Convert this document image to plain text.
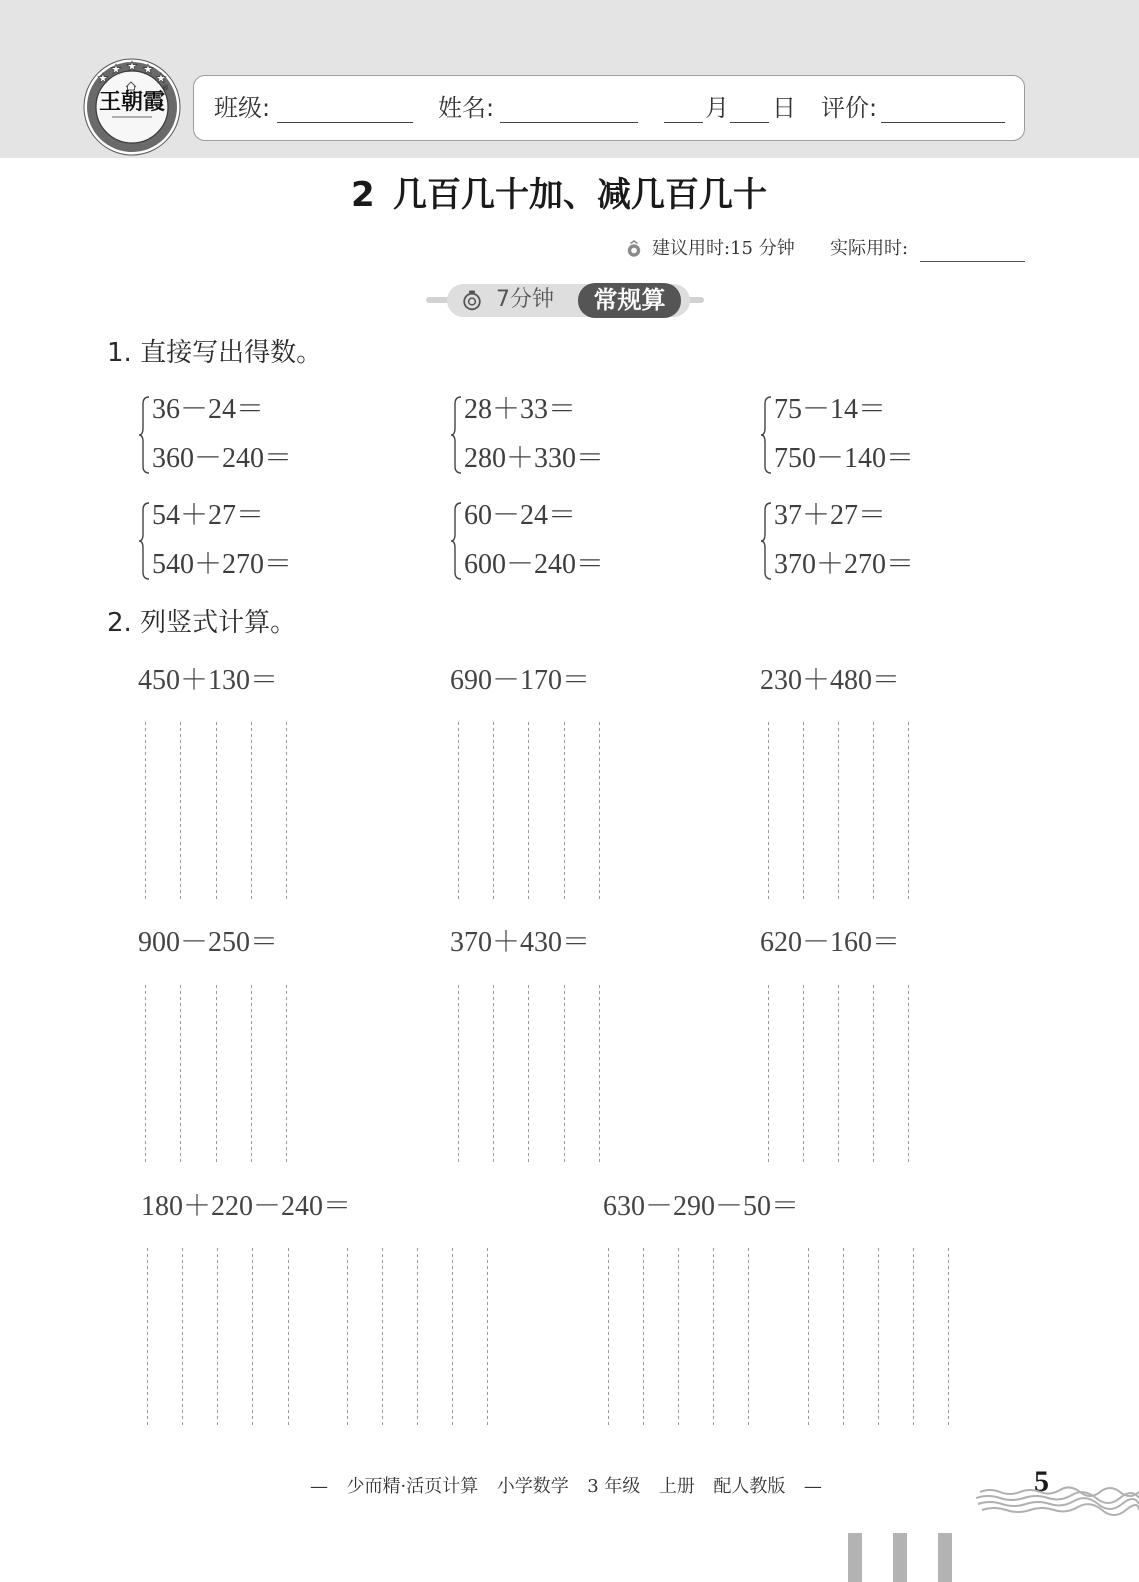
★
★ ★ ★
★
王朝霞
®
班级:	姓名:	月 日 评价:
2 几百几十加、减几百几十
建议用时:15 分钟 实际用时:
7分钟	常规算
1. 直接写出得数。
36－24＝
360－240＝
28＋33＝
280＋330＝
75－14＝
750－140＝
54＋27＝
540＋270＝
60－24＝
600－240＝
37＋27＝
370＋270＝
2. 列竖式计算。
450＋130＝	690－170＝	230＋480＝
900－250＝	370＋430＝	620－160＝
180＋220－240＝	630－290－50＝
— 少而精·活页计算 小学数学 3 年级 上册 配人教版 —	5
